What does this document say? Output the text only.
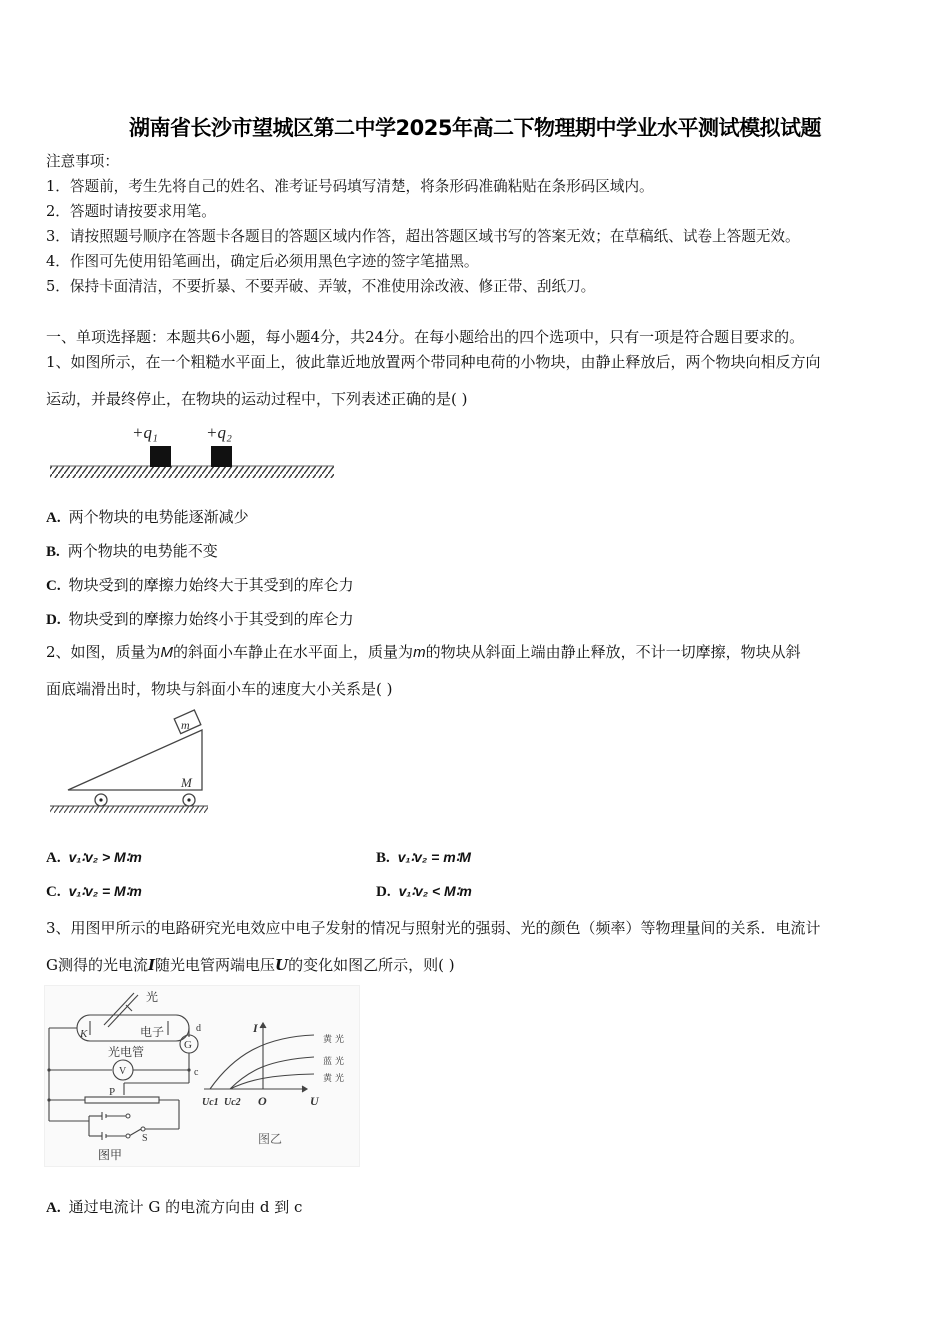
湖南省长沙市望城区第二中学2025年高二下物理期中学业水平测试模拟试题
注意事项：
1．答题前，考生先将自己的姓名、准考证号码填写清楚，将条形码准确粘贴在条形码区域内。
2．答题时请按要求用笔。
3．请按照题号顺序在答题卡各题目的答题区域内作答，超出答题区域书写的答案无效；在草稿纸、试卷上答题无效。
4．作图可先使用铅笔画出，确定后必须用黑色字迹的签字笔描黑。
5．保持卡面清洁，不要折暴、不要弄破、弄皱，不准使用涂改液、修正带、刮纸刀。
一、单项选择题：本题共6小题，每小题4分，共24分。在每小题给出的四个选项中，只有一项是符合题目要求的。
1、如图所示，在一个粗糙水平面上，彼此靠近地放置两个带同种电荷的小物块，由静止释放后，两个物块向相反方向
运动，并最终停止，在物块的运动过程中，下列表述正确的是( )
+q₁	+q₂
A. 两个物块的电势能逐渐减少
B. 两个物块的电势能不变
C. 物块受到的摩擦力始终大于其受到的库仑力
D. 物块受到的摩擦力始终小于其受到的库仑力
2、如图，质量为M的斜面小车静止在水平面上，质量为m的物块从斜面上端由静止释放，不计一切摩擦，物块从斜
面底端滑出时，物块与斜面小车的速度大小关系是( )
m
M
A. v₁∶v₂ > M∶m	B. v₁∶v₂ = m∶M
C. v₁∶v₂ = M∶m	D. v₁∶v₂ < M∶m
3、用图甲所示的电路研究光电效应中电子发射的情况与照射光的强弱、光的颜色（频率）等物理量间的关系．电流计
G测得的光电流I随光电管两端电压U的变化如图乙所示，则( )
光
K	电子
光电管	G
V
d
c
P
S
图甲
I
U
O
Uc1 Uc2
黄光
蓝光
黄光
图乙
A. 通过电流计 G 的电流方向由 d 到 c
